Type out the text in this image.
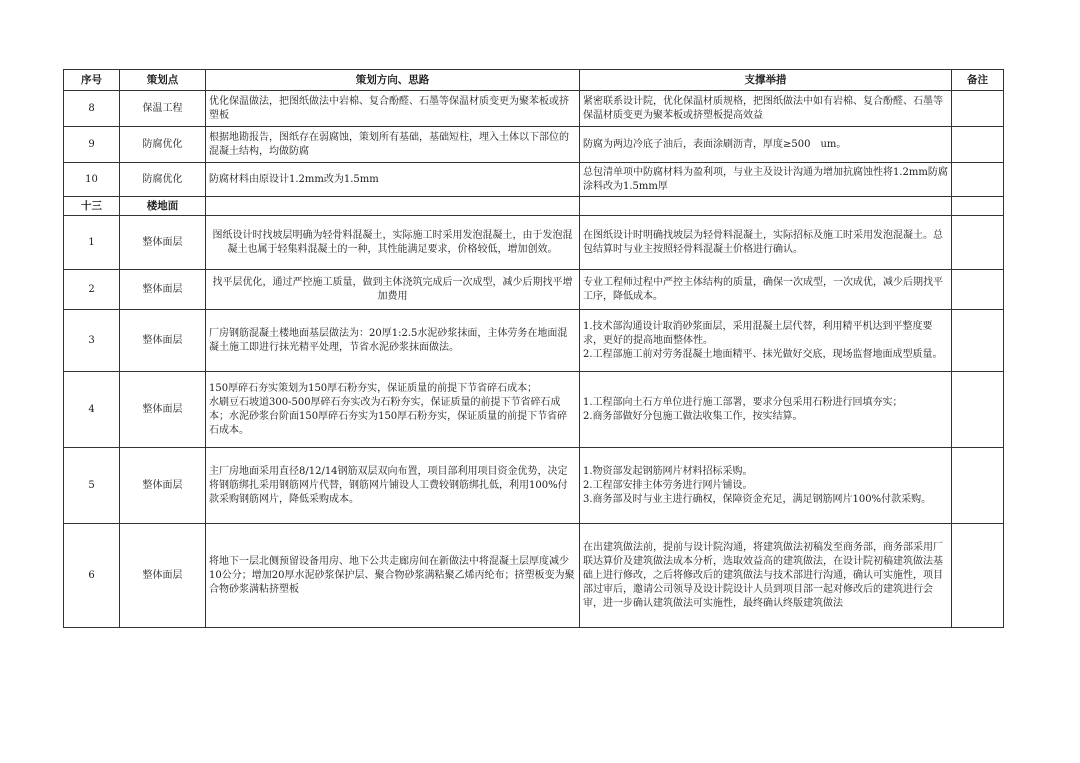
序号	策划点	策划方向、思路	支撑举措	备注
8	保温工程	优化保温做法，把图纸做法中岩棉、复合酚醛、石墨等保温材质变更为聚苯板或挤塑板	紧密联系设计院，优化保温材质规格，把图纸做法中如有岩棉、复合酚醛、石墨等保温材质变更为聚苯板或挤塑板提高效益	
9	防腐优化	根据地勘报告，图纸存在弱腐蚀，策划所有基础，基础短柱，埋入土体以下部位的混凝土结构，均做防腐	防腐为两边冷底子油后，表面涂刷沥青，厚度≥500　um。	
10	防腐优化	防腐材料由原设计1.2mm改为1.5mm	总包清单项中防腐材料为盈利项，与业主及设计沟通为增加抗腐蚀性将1.2mm防腐涂料改为1.5mm厚	
十三	楼地面			
1	整体面层	图纸设计时找坡层明确为轻骨料混凝土，实际施工时采用发泡混凝土，由于发泡混凝土也属于轻集料混凝土的一种，其性能满足要求，价格较低，增加创效。	在图纸设计时明确找坡层为轻骨料混凝土，实际招标及施工时采用发泡混凝土。总包结算时与业主按照轻骨料混凝土价格进行确认。	
2	整体面层	找平层优化，通过严控施工质量，做到主体浇筑完成后一次成型，减少后期找平增加费用	专业工程师过程中严控主体结构的质量，确保一次成型，一次成优，减少后期找平工序，降低成本。	
3	整体面层	厂房钢筋混凝土楼地面基层做法为：20厚1:2.5水泥砂浆抹面，主体劳务在地面混凝土施工即进行抹光精平处理，节省水泥砂浆抹面做法。	1.技术部沟通设计取消砂浆面层，采用混凝土层代替，利用精平机达到平整度要求，更好的提高地面整体性。
2.工程部施工前对劳务混凝土地面精平、抹光做好交底，现场监督地面成型质量。	

4	整体面层	150厚碎石夯实策划为150厚石粉夯实，保证质量的前提下节省碎石成本；
水刷豆石坡道300-500厚碎石夯实改为石粉夯实，保证质量的前提下节省碎石成本；水泥砂浆台阶面150厚碎石夯实为150厚石粉夯实，保证质量的前提下节省碎石成本。	1.工程部向土石方单位进行施工部署，要求分包采用石粉进行回填夯实；
2.商务部做好分包施工做法收集工作，按实结算。	

5	整体面层	主厂房地面采用直径8/12/14钢筋双层双向布置，项目部利用项目资金优势，决定将钢筋绑扎采用钢筋网片代替，钢筋网片铺设人工费较钢筋绑扎低，利用100%付款采购钢筋网片，降低采购成本。	1.物资部发起钢筋网片材料招标采购。
2.工程部安排主体劳务进行网片铺设。
3.商务部及时与业主进行确权，保障资金充足，满足钢筋网片100%付款采购。	

6	整体面层	将地下一层北侧预留设备用房、地下公共走廊房间在新做法中将混凝土层厚度减少10公分；增加20厚水泥砂浆保护层、聚合物砂浆满粘聚乙烯丙纶布；挤塑板变为聚合物砂浆满粘挤塑板	在出建筑做法前，提前与设计院沟通，将建筑做法初稿发至商务部，商务部采用厂联达算价及建筑做法成本分析，选取效益高的建筑做法，在设计院初稿建筑做法基础上进行修改，之后将修改后的建筑做法与技术部进行沟通，确认可实施性，项目部过审后，邀请公司领导及设计院设计人员到项目部一起对修改后的建筑进行会审，进一步确认建筑做法可实施性，最终确认终版建筑做法	
